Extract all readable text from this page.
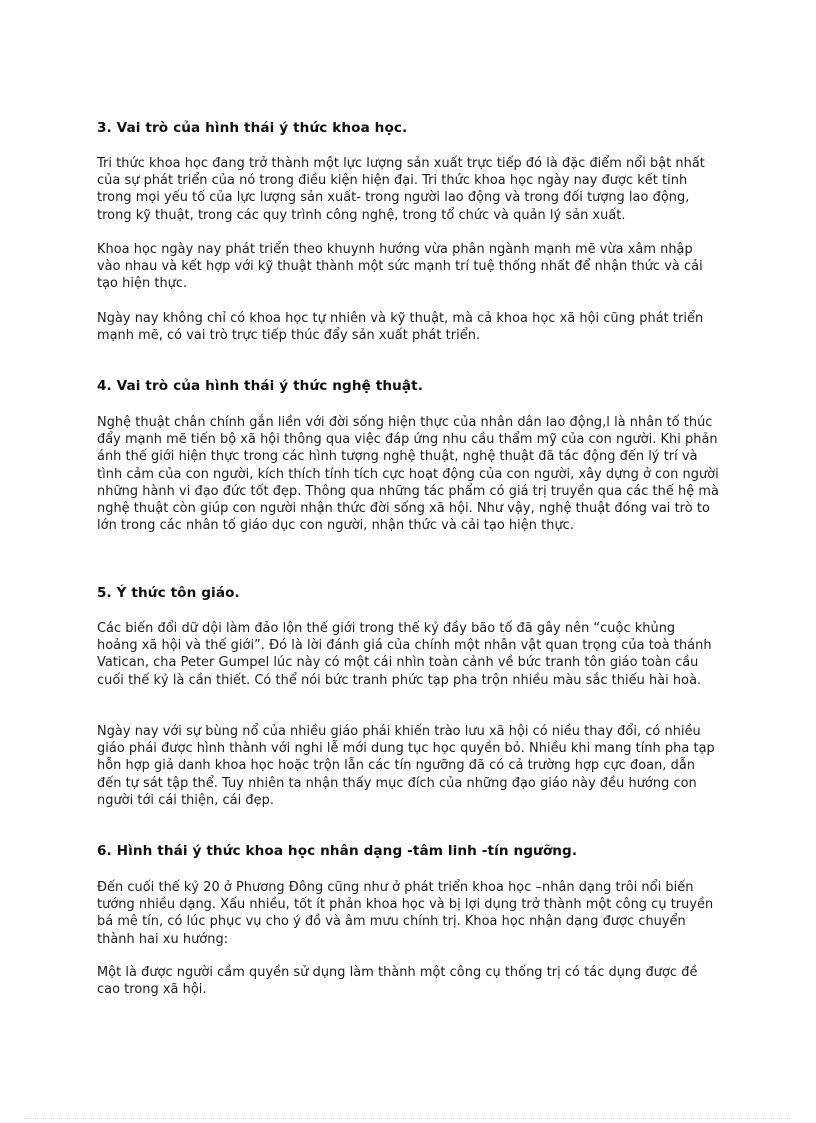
3. Vai trò của hình thái ý thức khoa học.

Tri thức khoa học đang trở thành một lực lượng sản xuất trực tiếp đó là đặc điểm nổi bật nhất của sự phát triển của nó trong điều kiện hiện đại. Tri thức khoa học ngày nay được kết tinh trong mọi yếu tố của lực lượng sản xuất- trong người lao động và trong đối tượng lao động, trong kỹ thuật, trong các quy trình công nghệ, trong tổ chức và quản lý sản xuất.

Khoa học ngày nay phát triển theo khuynh hướng vừa phân ngành mạnh mẽ vừa xâm nhập vào nhau và kết hợp với kỹ thuật thành một sức mạnh trí tuệ thống nhất để nhận thức và cải tạo hiện thực.

Ngày nay không chỉ có khoa học tự nhiên và kỹ thuật, mà cả khoa học xã hội cũng phát triển mạnh mẽ, có vai trò trực tiếp thúc đẩy sản xuất phát triển.

4. Vai trò của hình thái ý thức nghệ thuật.

Nghệ thuật chân chính gắn liền với đời sống hiện thực của nhân dân lao động,l là nhân tố thúc đẩy mạnh mẽ tiến bộ xã hội thông qua việc đáp ứng nhu cầu thẩm mỹ của con người. Khi phản ánh thế giới hiện thực trong các hình tượng nghệ thuật, nghệ thuật đã tác động đến lý trí và tình cảm của con người, kích thích tính tích cực hoạt động của con người, xây dựng ở con người những hành vi đạo đức tốt đẹp. Thông qua những tác phẩm có giá trị truyền qua các thế hệ mà nghệ thuật còn giúp con người nhận thức đời sống xã hội. Như vậy, nghệ thuật đóng vai trò to lớn trong các nhân tố giáo dục con người, nhận thức và cải tạo hiện thực.

5. Ý thức tôn giáo.

Các biến đổi dữ dội làm đảo lộn thế giới trong thế kỷ đầy bão tố đã gây nên “cuộc khủng hoảng xã hội và thế giới”. Đó là lời đánh giá của chính một nhân vật quan trọng của toà thánh Vatican, cha Peter Gumpel lúc này có một cái nhìn toàn cảnh về bức tranh tôn giáo toàn cầu cuối thế kỷ là cần thiết. Có thể nói bức tranh phức tạp pha trộn nhiều màu sắc thiếu hài hoà.

Ngày nay với sự bùng nổ của nhiều giáo phái khiến trào lưu xã hội có niều thay đổi, có nhiều giáo phái được hình thành với nghi lễ mới dung tục học quyền bỏ. Nhiều khi mang tính pha tạp hỗn hợp giả danh khoa học hoặc trộn lẫn các tín ngưỡng đã có cả trường hợp cực đoan, dẫn đến tự sát tập thể. Tuy nhiên ta nhận thấy mục đích của những đạo giáo này đều hướng con người tới cái thiện, cái đẹp.

6. Hình thái ý thức khoa học nhân dạng -tâm linh -tín ngưỡng.

Đến cuối thế kỷ 20 ở Phương Đông cũng như ở phát triển khoa học –nhân dạng trôi nổi biến tướng nhiều dạng. Xấu nhiều, tốt ít phản khoa học và bị lợi dụng trở thành một công cụ truyền bá mê tín, có lúc phục vụ cho ý đồ và âm mưu chính trị. Khoa học nhận dạng được chuyển thành hai xu hướng:

Một là được người cầm quyền sử dụng làm thành một công cụ thống trị có tác dụng được đề cao trong xã hội.
